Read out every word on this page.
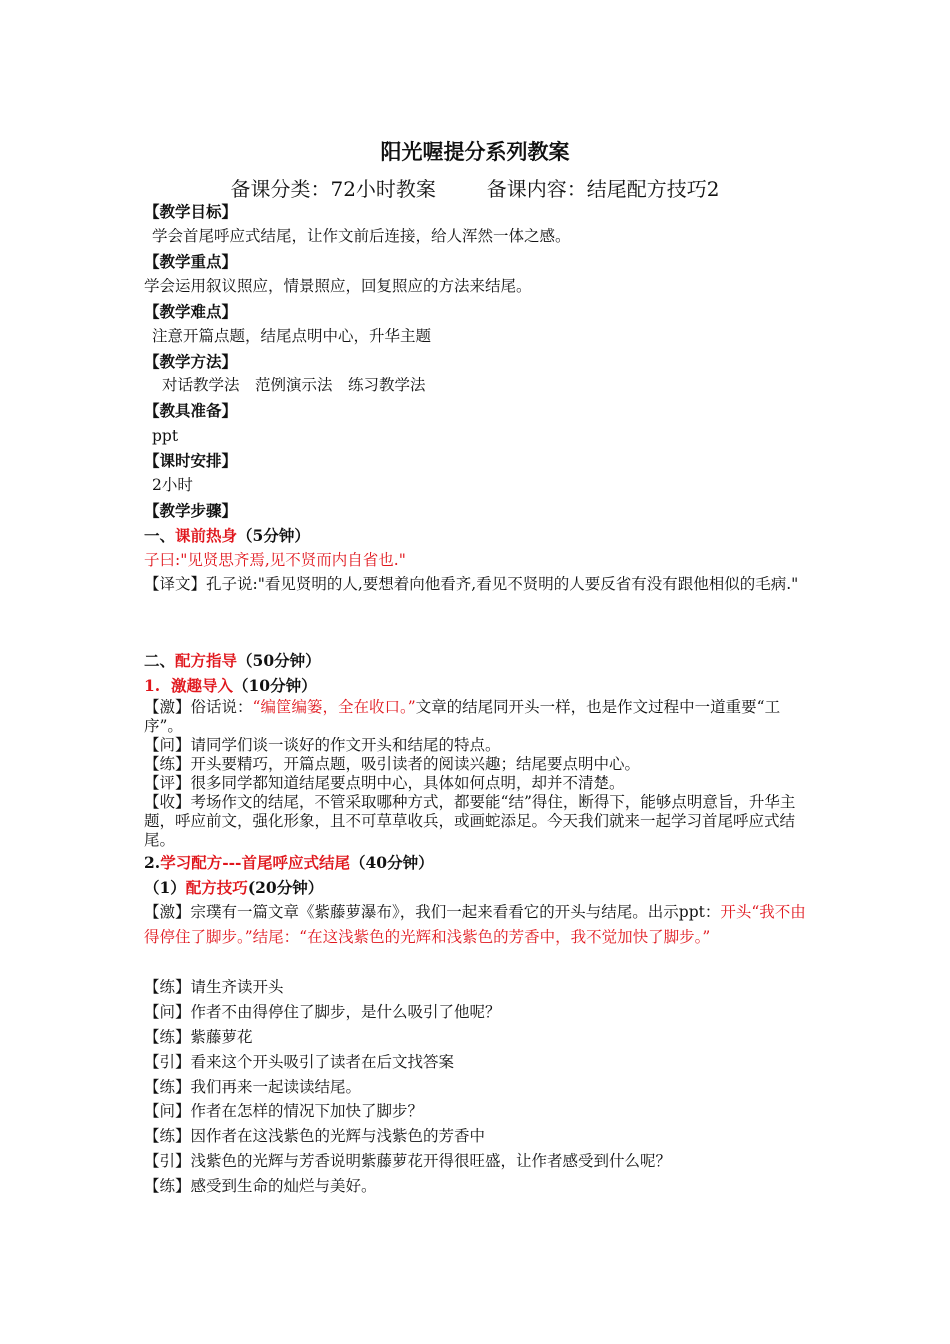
阳光喔提分系列教案
备课分类：72小时教案	备课内容：结尾配方技巧2
【教学目标】
学会首尾呼应式结尾，让作文前后连接，给人浑然一体之感。
【教学重点】
学会运用叙议照应，情景照应，回复照应的方法来结尾。
【教学难点】
注意开篇点题，结尾点明中心，升华主题
【教学方法】
对话教学法　范例演示法　练习教学法
【教具准备】
ppt
【课时安排】
2小时
【教学步骤】
一、课前热身（5分钟）
子曰:"见贤思齐焉,见不贤而内自省也."
【译文】孔子说:"看见贤明的人,要想着向他看齐,看见不贤明的人要反省有没有跟他相似的毛病."
二、配方指导（50分钟）
1. 激趣导入（10分钟）
【激】俗话说：“编筐编篓，全在收口。”文章的结尾同开头一样，也是作文过程中一道重要“工序”。
【问】请同学们谈一谈好的作文开头和结尾的特点。
【练】开头要精巧，开篇点题，吸引读者的阅读兴趣；结尾要点明中心。
【评】很多同学都知道结尾要点明中心，具体如何点明，却并不清楚。
【收】考场作文的结尾，不管采取哪种方式，都要能“结”得住，断得下，能够点明意旨，升华主题，呼应前文，强化形象，且不可草草收兵，或画蛇添足。今天我们就来一起学习首尾呼应式结尾。
2.学习配方---首尾呼应式结尾（40分钟）
（1）配方技巧(20分钟）
【激】宗璞有一篇文章《紫藤萝瀑布》，我们一起来看看它的开头与结尾。出示ppt：开头“我不由得停住了脚步。”结尾：“在这浅紫色的光辉和浅紫色的芳香中，我不觉加快了脚步。”
【练】请生齐读开头
【问】作者不由得停住了脚步，是什么吸引了他呢？
【练】紫藤萝花
【引】看来这个开头吸引了读者在后文找答案
【练】我们再来一起读读结尾。
【问】作者在怎样的情况下加快了脚步？
【练】因作者在这浅紫色的光辉与浅紫色的芳香中
【引】浅紫色的光辉与芳香说明紫藤萝花开得很旺盛，让作者感受到什么呢？
【练】感受到生命的灿烂与美好。
